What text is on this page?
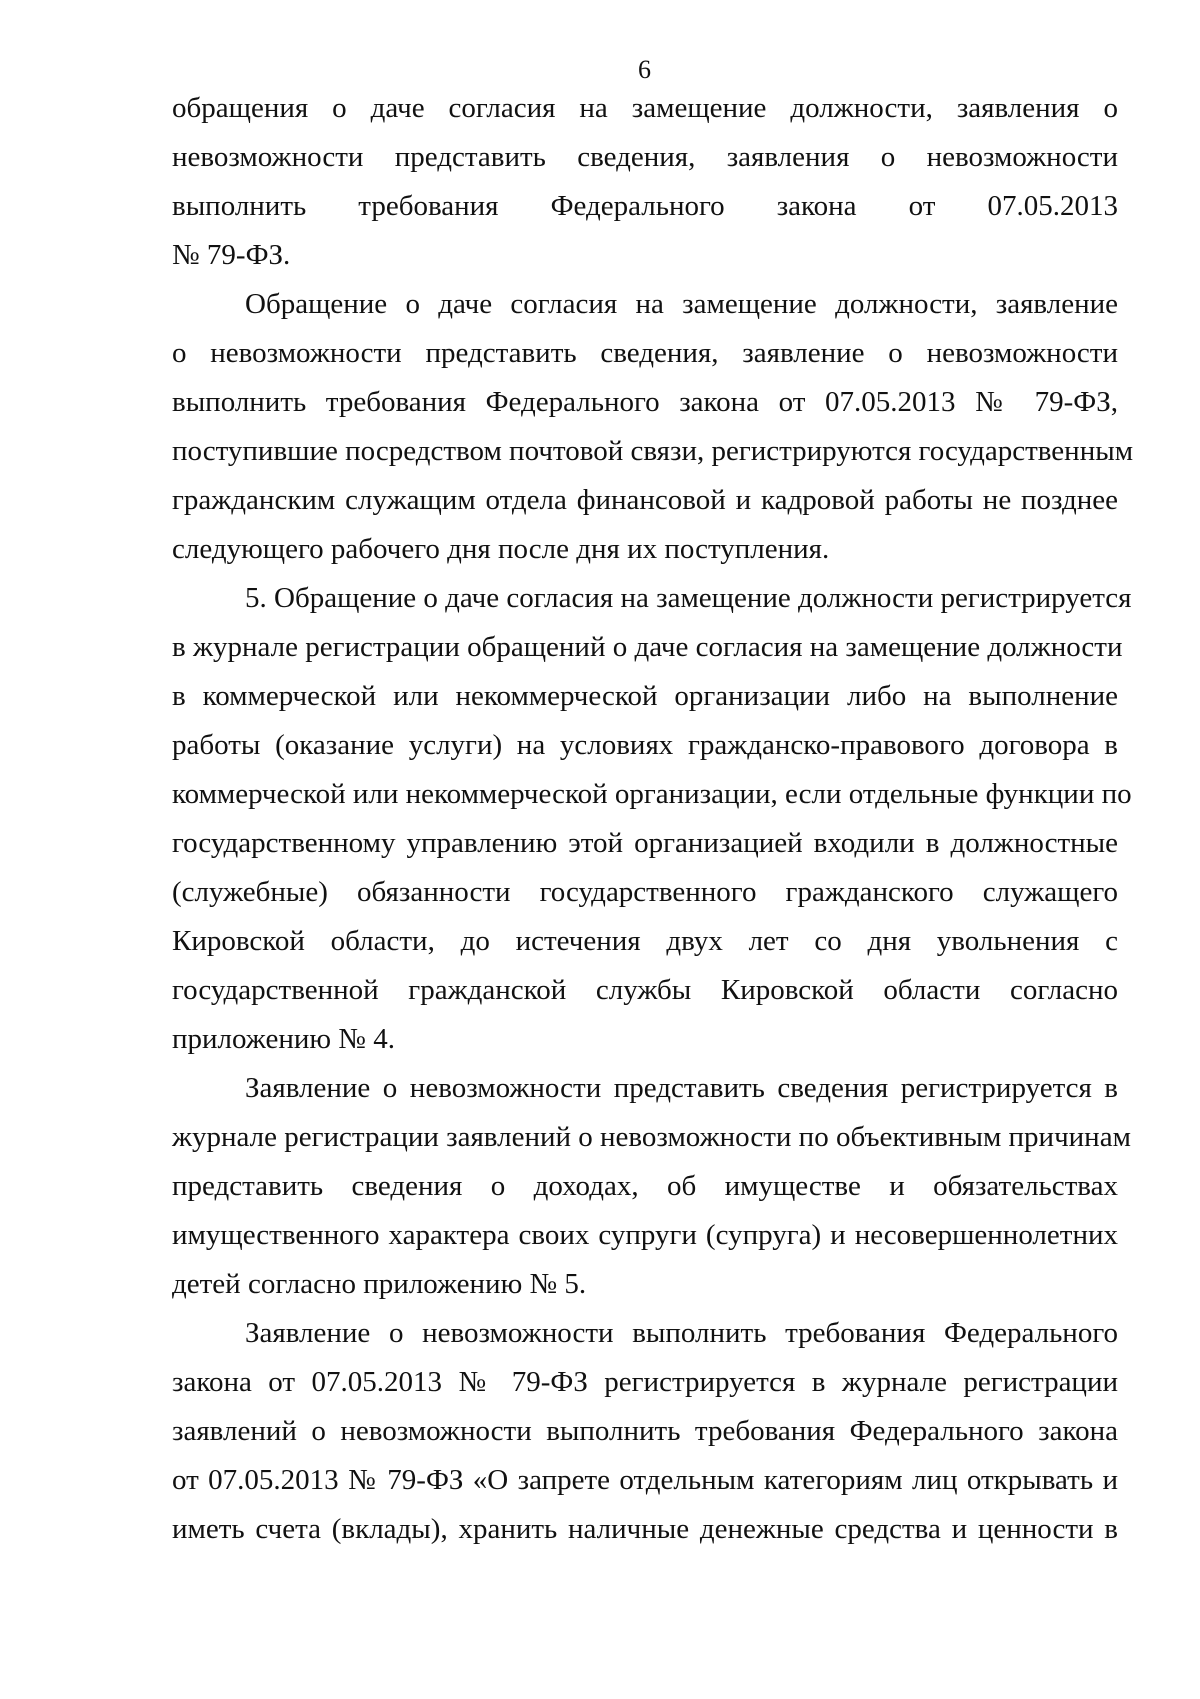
6
обращения о даче согласия на замещение должности, заявления о
невозможности представить сведения, заявления о невозможности
выполнить требования Федерального закона от 07.05.2013
№ 79-ФЗ.
Обращение о даче согласия на замещение должности, заявление
о невозможности представить сведения, заявление о невозможности
выполнить требования Федерального закона от 07.05.2013 № 79-ФЗ,
поступившие посредством почтовой связи, регистрируются государственным
гражданским служащим отдела финансовой и кадровой работы не позднее
следующего рабочего дня после дня их поступления.
5. Обращение о даче согласия на замещение должности регистрируется
в журнале регистрации обращений о даче согласия на замещение должности
в коммерческой или некоммерческой организации либо на выполнение
работы (оказание услуги) на условиях гражданско-правового договора в
коммерческой или некоммерческой организации, если отдельные функции по
государственному управлению этой организацией входили в должностные
(служебные) обязанности государственного гражданского служащего
Кировской области, до истечения двух лет со дня увольнения с
государственной гражданской службы Кировской области согласно
приложению № 4.
Заявление о невозможности представить сведения регистрируется в
журнале регистрации заявлений о невозможности по объективным причинам
представить сведения о доходах, об имуществе и обязательствах
имущественного характера своих супруги (супруга) и несовершеннолетних
детей согласно приложению № 5.
Заявление о невозможности выполнить требования Федерального
закона от 07.05.2013 № 79-ФЗ регистрируется в журнале регистрации
заявлений о невозможности выполнить требования Федерального закона
от 07.05.2013 № 79-ФЗ «О запрете отдельным категориям лиц открывать и
иметь счета (вклады), хранить наличные денежные средства и ценности в
